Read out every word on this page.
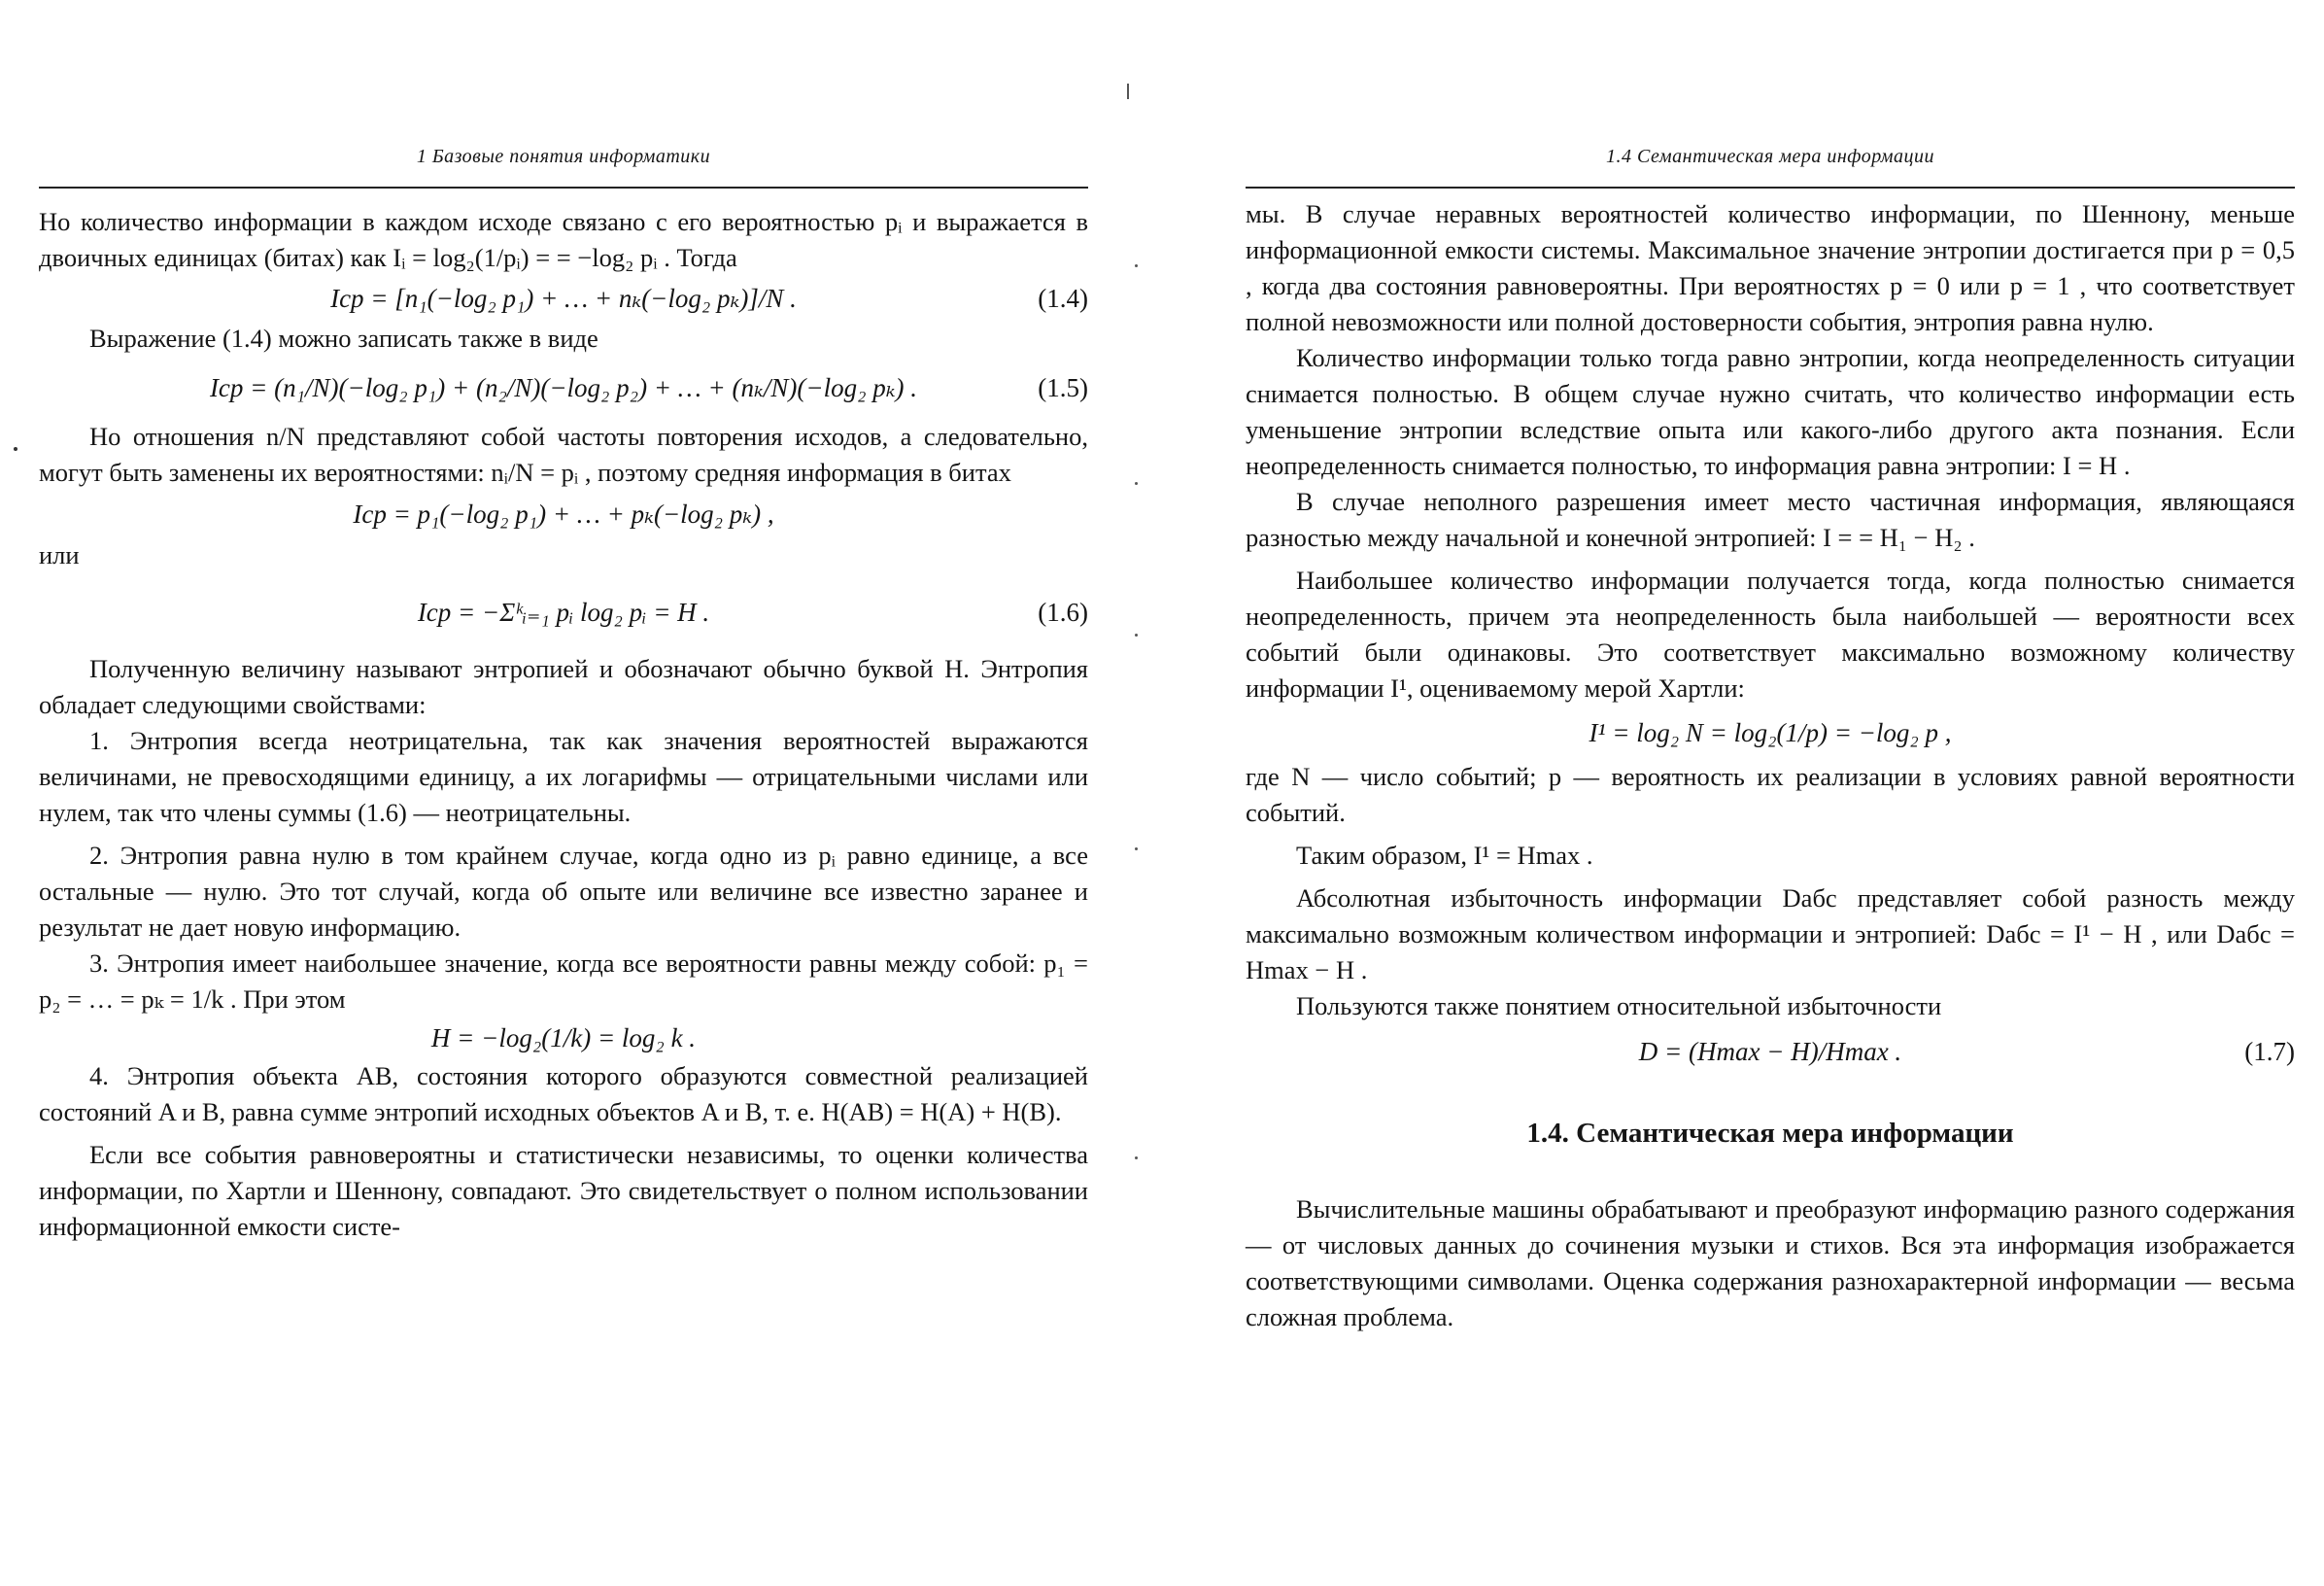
1 Базовые понятия информатики

Но количество информации в каждом исходе связано с его вероятностью pᵢ и выражается в двоичных единицах (битах) как Iᵢ = log₂(1/pᵢ) = = −log₂ pᵢ . Тогда

Iср = [n₁(−log₂ p₁) + … + nₖ(−log₂ pₖ)]/N .	(1.4)

Выражение (1.4) можно записать также в виде

Iср = (n₁/N)(−log₂ p₁) + (n₂/N)(−log₂ p₂) + … + (nₖ/N)(−log₂ pₖ) .	(1.5)

Но отношения n/N представляют собой частоты повторения исходов, а следовательно, могут быть заменены их вероятностями: nᵢ/N = pᵢ , поэтому средняя информация в битах

Iср = p₁(−log₂ p₁) + … + pₖ(−log₂ pₖ) ,

или

Iср = −Σᵏᵢ₌₁ pᵢ log₂ pᵢ = H .	(1.6)

Полученную величину называют энтропией и обозначают обычно буквой H. Энтропия обладает следующими свойствами:

1. Энтропия всегда неотрицательна, так как значения вероятностей выражаются величинами, не превосходящими единицу, а их логарифмы — отрицательными числами или нулем, так что члены суммы (1.6) — неотрицательны.

2. Энтропия равна нулю в том крайнем случае, когда одно из pᵢ равно единице, а все остальные — нулю. Это тот случай, когда об опыте или величине все известно заранее и результат не дает новую информацию.

3. Энтропия имеет наибольшее значение, когда все вероятности равны между собой: p₁ = p₂ = … = pₖ = 1/k . При этом

H = −log₂(1/k) = log₂ k .

4. Энтропия объекта AB, состояния которого образуются совместной реализацией состояний A и B, равна сумме энтропий исходных объектов A и B, т. е. H(AB) = H(A) + H(B).

Если все события равновероятны и статистически независимы, то оценки количества информации, по Хартли и Шеннону, совпадают. Это свидетельствует о полном использовании информационной емкости систе-

1.4 Семантическая мера информации

мы. В случае неравных вероятностей количество информации, по Шеннону, меньше информационной емкости системы. Максимальное значение энтропии достигается при p = 0,5 , когда два состояния равновероятны. При вероятностях p = 0 или p = 1 , что соответствует полной невозможности или полной достоверности события, энтропия равна нулю.

Количество информации только тогда равно энтропии, когда неопределенность ситуации снимается полностью. В общем случае нужно считать, что количество информации есть уменьшение энтропии вследствие опыта или какого-либо другого акта познания. Если неопределенность снимается полностью, то информация равна энтропии: I = H .

В случае неполного разрешения имеет место частичная информация, являющаяся разностью между начальной и конечной энтропией: I = = H₁ − H₂ .

Наибольшее количество информации получается тогда, когда полностью снимается неопределенность, причем эта неопределенность была наибольшей — вероятности всех событий были одинаковы. Это соответствует максимально возможному количеству информации I¹, оцениваемому мерой Хартли:

I¹ = log₂ N = log₂(1/p) = −log₂ p ,

где N — число событий; p — вероятность их реализации в условиях равной вероятности событий.

Таким образом, I¹ = Hmax .

Абсолютная избыточность информации Dабс представляет собой разность между максимально возможным количеством информации и энтропией: Dабс = I¹ − H , или Dабс = Hmax − H .

Пользуются также понятием относительной избыточности

D = (Hmax − H)/Hmax .	(1.7)
1.4. Семантическая мера информации

Вычислительные машины обрабатывают и преобразуют информацию разного содержания — от числовых данных до сочинения музыки и стихов. Вся эта информация изображается соответствующими символами. Оценка содержания разнохарактерной информации — весьма сложная проблема.
